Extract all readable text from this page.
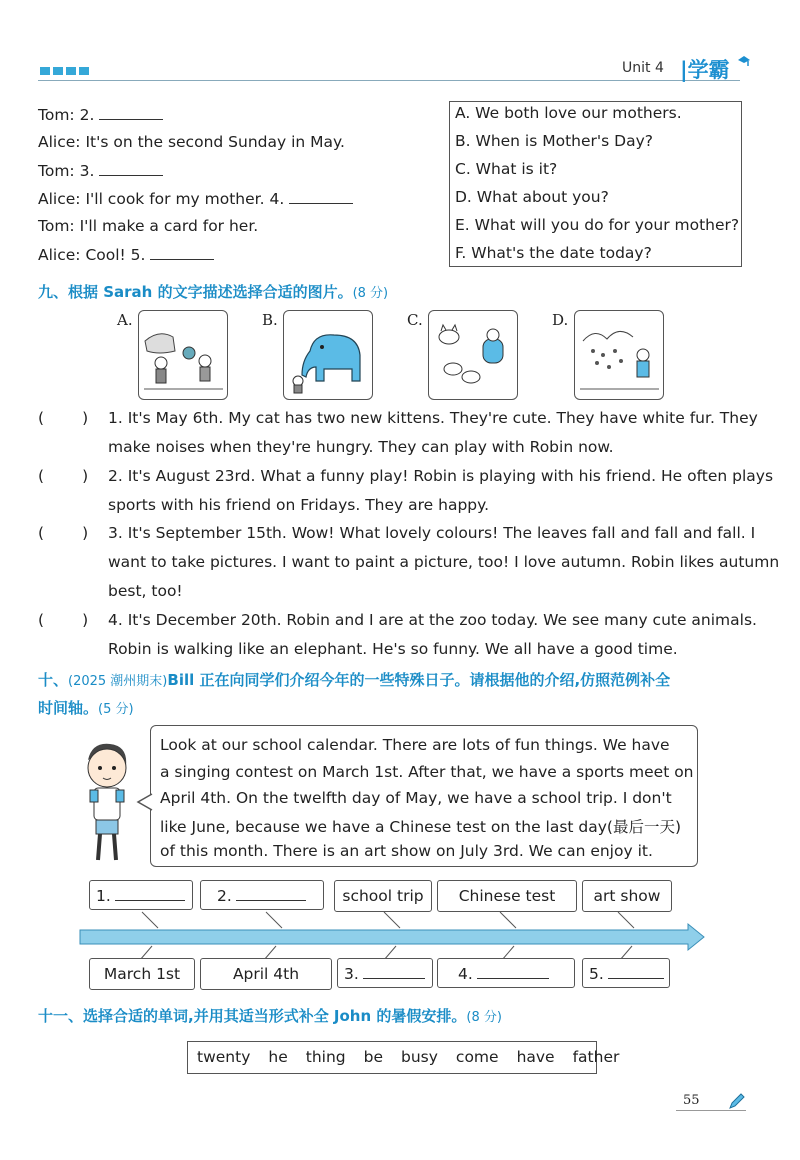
Unit 4 |学霸
Tom: 2.
Alice: It's on the second Sunday in May.
Tom: 3.
Alice: I'll cook for my mother. 4.
Tom: I'll make a card for her.
Alice: Cool! 5.
A. We both love our mothers.
B. When is Mother's Day?
C. What is it?
D. What about you?
E. What will you do for your mother?
F. What's the date today?
九、根据 Sarah 的文字描述选择合适的图片。(8 分)
A.	B.	C.	D.
( ) 1. It's May 6th. My cat has two new kittens. They're cute. They have white fur. They
make noises when they're hungry. They can play with Robin now.
( ) 2. It's August 23rd. What a funny play! Robin is playing with his friend. He often plays
sports with his friend on Fridays. They are happy.
( ) 3. It's September 15th. Wow! What lovely colours! The leaves fall and fall and fall. I
want to take pictures. I want to paint a picture, too! I love autumn. Robin likes autumn
best, too!
( ) 4. It's December 20th. Robin and I are at the zoo today. We see many cute animals.
Robin is walking like an elephant. He's so funny. We all have a good time.
十、(2025 潮州期末)Bill 正在向同学们介绍今年的一些特殊日子。请根据他的介绍,仿照范例补全
时间轴。(5 分)
Look at our school calendar. There are lots of fun things. We have
a singing contest on March 1st. After that, we have a sports meet on
April 4th. On the twelfth day of May, we have a school trip. I don't
like June, because we have a Chinese test on the last day(最后一天)
of this month. There is an art show on July 3rd. We can enjoy it.
1.	2.	school trip	Chinese test	art show
March 1st	April 4th	3.	4.	5.
十一、选择合适的单词,并用其适当形式补全 John 的暑假安排。(8 分)
twenty he thing be busy come have father
55
